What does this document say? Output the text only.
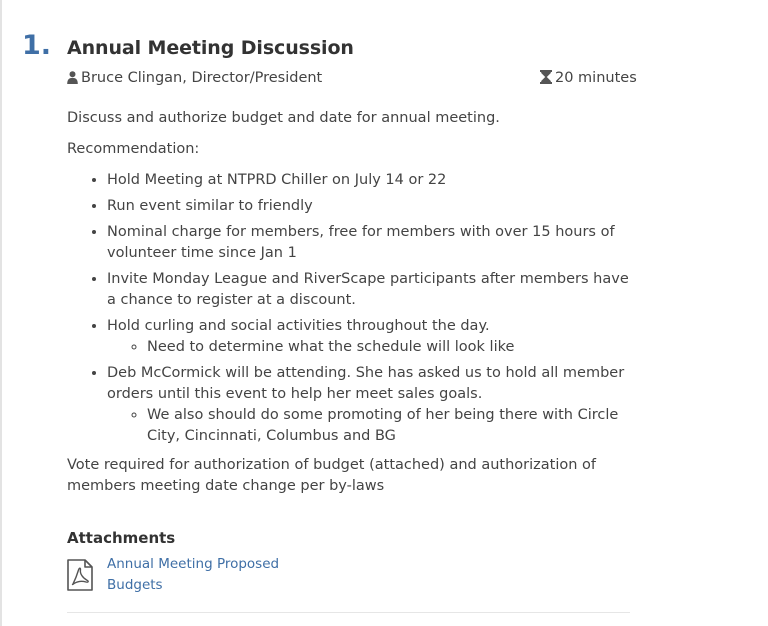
1. Annual Meeting Discussion
Bruce Clingan, Director/President	20 minutes

Discuss and authorize budget and date for annual meeting.

Recommendation:

• Hold Meeting at NTPRD Chiller on July 14 or 22
• Run event similar to friendly
• Nominal charge for members, free for members with over 15 hours of volunteer time since Jan 1
• Invite Monday League and RiverScape participants after members have a chance to register at a discount.
• Hold curling and social activities throughout the day.
◦ Need to determine what the schedule will look like
• Deb McCormick will be attending. She has asked us to hold all member orders until this event to help her meet sales goals.
◦ We also should do some promoting of her being there with Circle City, Cincinnati, Columbus and BG

Vote required for authorization of budget (attached) and authorization of members meeting date change per by-laws

Attachments
Annual Meeting Proposed Budgets
